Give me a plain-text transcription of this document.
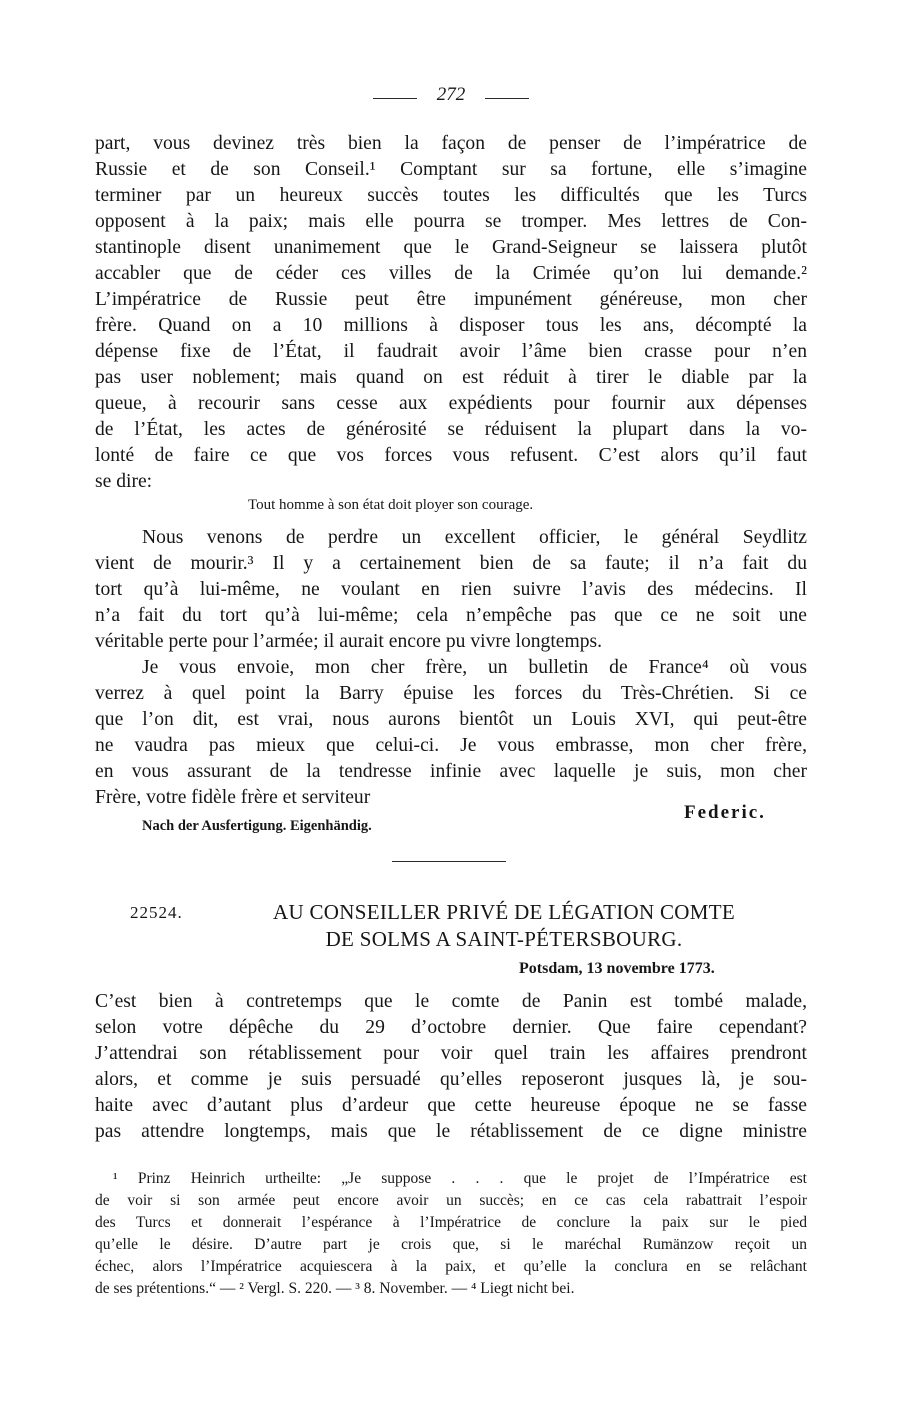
272
part, vous devinez très bien la façon de penser de l’impératrice de
Russie et de son Conseil.¹ Comptant sur sa fortune, elle s’imagine
terminer par un heureux succès toutes les difficultés que les Turcs
opposent à la paix; mais elle pourra se tromper. Mes lettres de Con-
stantinople disent unanimement que le Grand-Seigneur se laissera plutôt
accabler que de céder ces villes de la Crimée qu’on lui demande.²
L’impératrice de Russie peut être impunément généreuse, mon cher
frère. Quand on a 10 millions à disposer tous les ans, décompté la
dépense fixe de l’État, il faudrait avoir l’âme bien crasse pour n’en
pas user noblement; mais quand on est réduit à tirer le diable par la
queue, à recourir sans cesse aux expédients pour fournir aux dépenses
de l’État, les actes de générosité se réduisent la plupart dans la vo-
lonté de faire ce que vos forces vous refusent. C’est alors qu’il faut
se dire:
Tout homme à son état doit ployer son courage.
Nous venons de perdre un excellent officier, le général Seydlitz
vient de mourir.³ Il y a certainement bien de sa faute; il n’a fait du
tort qu’à lui-même, ne voulant en rien suivre l’avis des médecins. Il
n’a fait du tort qu’à lui-même; cela n’empêche pas que ce ne soit une
véritable perte pour l’armée; il aurait encore pu vivre longtemps.
Je vous envoie, mon cher frère, un bulletin de France⁴ où vous
verrez à quel point la Barry épuise les forces du Très-Chrétien. Si ce
que l’on dit, est vrai, nous aurons bientôt un Louis XVI, qui peut-être
ne vaudra pas mieux que celui-ci. Je vous embrasse, mon cher frère,
en vous assurant de la tendresse infinie avec laquelle je suis, mon cher
Frère, votre fidèle frère et serviteur
Federic.
Nach der Ausfertigung. Eigenhändig.
22524.	AU CONSEILLER PRIVÉ DE LÉGATION COMTE
DE SOLMS A SAINT-PÉTERSBOURG.
Potsdam, 13 novembre 1773.
C’est bien à contretemps que le comte de Panin est tombé malade,
selon votre dépêche du 29 d’octobre dernier. Que faire cependant?
J’attendrai son rétablissement pour voir quel train les affaires prendront
alors, et comme je suis persuadé qu’elles reposeront jusques là, je sou-
haite avec d’autant plus d’ardeur que cette heureuse époque ne se fasse
pas attendre longtemps, mais que le rétablissement de ce digne ministre
¹ Prinz Heinrich urtheilte: „Je suppose . . . que le projet de l’Impératrice est
de voir si son armée peut encore avoir un succès; en ce cas cela rabattrait l’espoir
des Turcs et donnerait l’espérance à l’Impératrice de conclure la paix sur le pied
qu’elle le désire. D’autre part je crois que, si le maréchal Rumänzow reçoit un
échec, alors l’Impératrice acquiescera à la paix, et qu’elle la conclura en se relâchant
de ses prétentions.“ — ² Vergl. S. 220. — ³ 8. November. — ⁴ Liegt nicht bei.
